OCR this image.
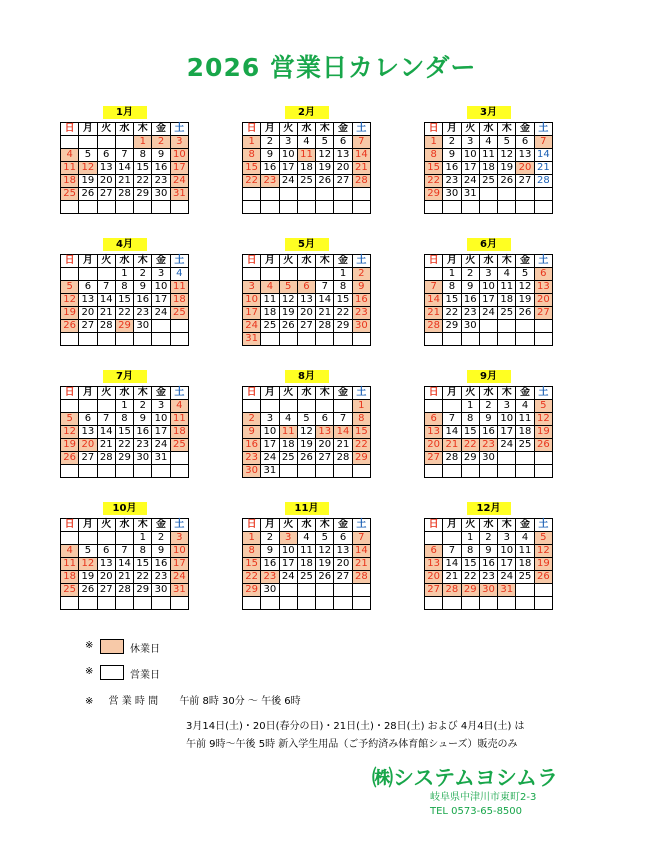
2026 営業日カレンダー
1月
日	月	火	水	木	金	土
				1	2	3
4	5	6	7	8	9	10
11	12	13	14	15	16	17
18	19	20	21	22	23	24
25	26	27	28	29	30	31

2月
日	月	火	水	木	金	土
1	2	3	4	5	6	7
8	9	10	11	12	13	14
15	16	17	18	19	20	21
22	23	24	25	26	27	28

3月
日	月	火	水	木	金	土
1	2	3	4	5	6	7
8	9	10	11	12	13	14
15	16	17	18	19	20	21
22	23	24	25	26	27	28
29	30	31				

4月
日	月	火	水	木	金	土
			1	2	3	4
5	6	7	8	9	10	11
12	13	14	15	16	17	18
19	20	21	22	23	24	25
26	27	28	29	30		

5月
日	月	火	水	木	金	土
					1	2
3	4	5	6	7	8	9
10	11	12	13	14	15	16
17	18	19	20	21	22	23
24	25	26	27	28	29	30
31						
6月
日	月	火	水	木	金	土
	1	2	3	4	5	6
7	8	9	10	11	12	13
14	15	16	17	18	19	20
21	22	23	24	25	26	27
28	29	30				

7月
日	月	火	水	木	金	土
			1	2	3	4
5	6	7	8	9	10	11
12	13	14	15	16	17	18
19	20	21	22	23	24	25
26	27	28	29	30	31	

8月
日	月	火	水	木	金	土
						1
2	3	4	5	6	7	8
9	10	11	12	13	14	15
16	17	18	19	20	21	22
23	24	25	26	27	28	29
30	31					
9月
日	月	火	水	木	金	土
		1	2	3	4	5
6	7	8	9	10	11	12
13	14	15	16	17	18	19
20	21	22	23	24	25	26
27	28	29	30			

10月
日	月	火	水	木	金	土
				1	2	3
4	5	6	7	8	9	10
11	12	13	14	15	16	17
18	19	20	21	22	23	24
25	26	27	28	29	30	31

11月
日	月	火	水	木	金	土
1	2	3	4	5	6	7
8	9	10	11	12	13	14
15	16	17	18	19	20	21
22	23	24	25	26	27	28
29	30					

12月
日	月	火	水	木	金	土
		1	2	3	4	5
6	7	8	9	10	11	12
13	14	15	16	17	18	19
20	21	22	23	24	25	26
27	28	29	30	31		

※	休業日
※	営業日
※ 営 業 時 間 午前 8時 30分 ～ 午後 6時
3月14日(土)・20日(春分の日)・21日(土)・28日(土) および 4月4日(土) は
午前 9時～午後 5時 新入学生用品（ご予約済み体育館シューズ）販売のみ
㈱システムヨシムラ
岐阜県中津川市東町2-3
TEL 0573-65-8500
